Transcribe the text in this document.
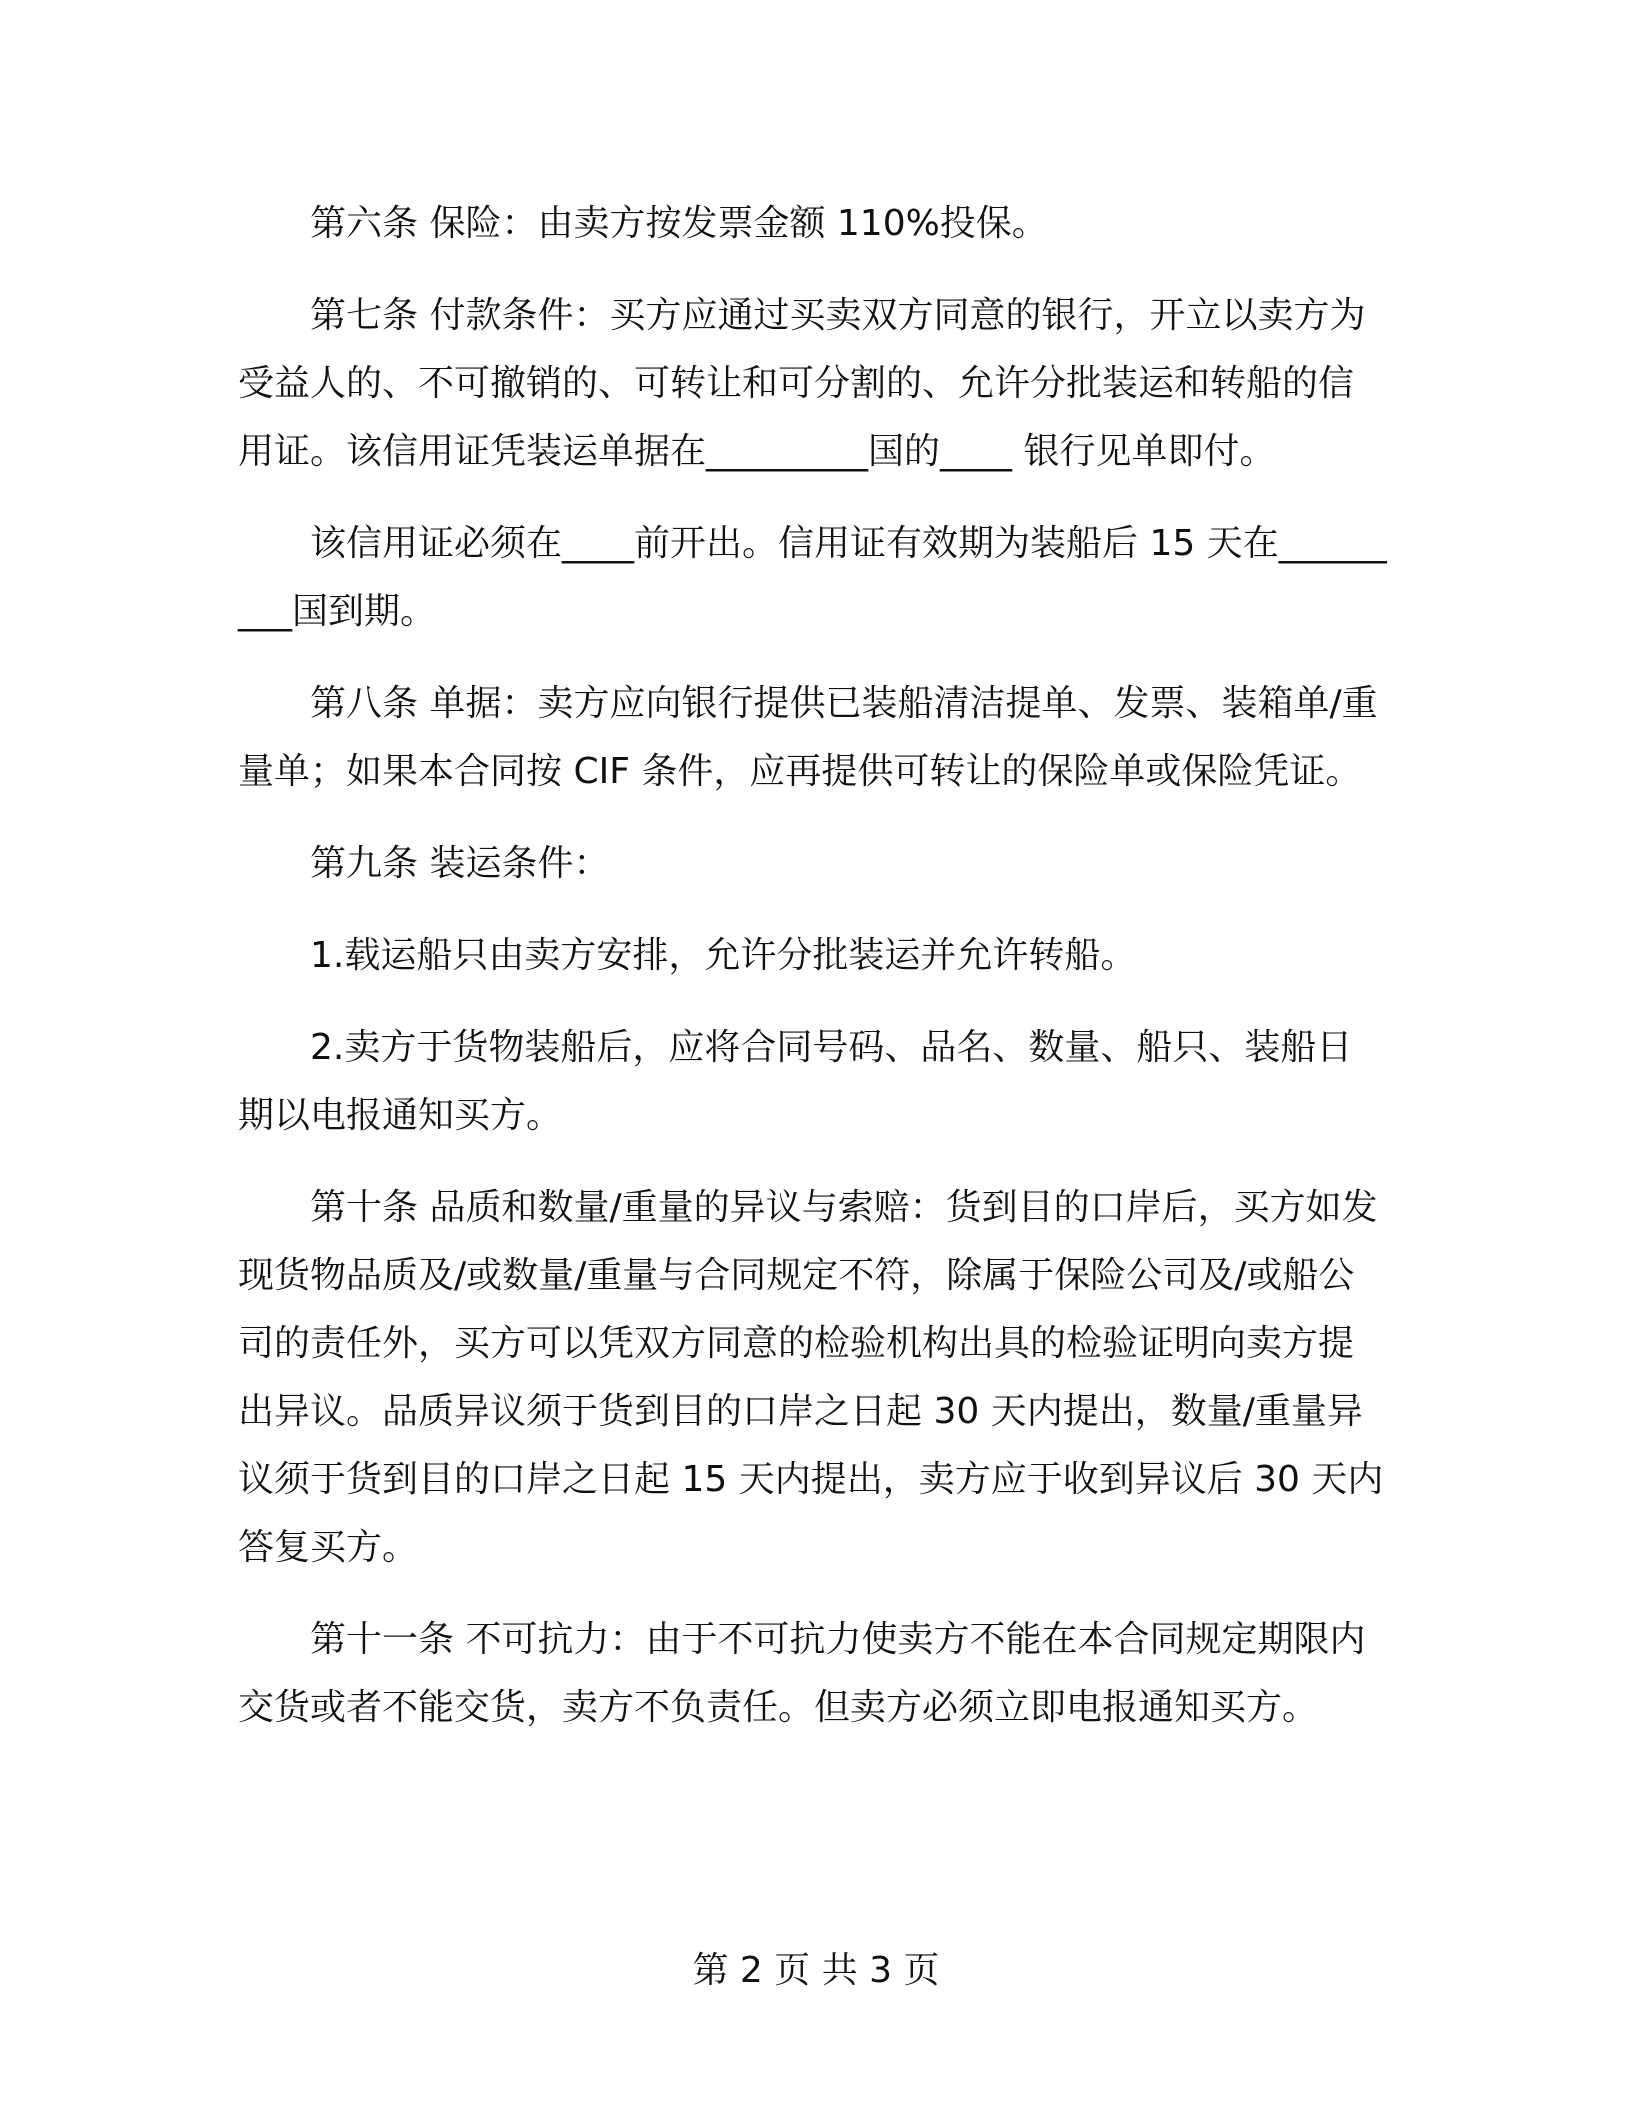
第六条 保险：由卖方按发票金额 110%投保。

第七条 付款条件：买方应通过买卖双方同意的银行，开立以卖方为受益人的、不可撤销的、可转让和可分割的、允许分批装运和转船的信用证。该信用证凭装运单据在_________国的____ 银行见单即付。

该信用证必须在____前开出。信用证有效期为装船后 15 天在_________国到期。

第八条 单据：卖方应向银行提供已装船清洁提单、发票、装箱单/重量单；如果本合同按 CIF 条件，应再提供可转让的保险单或保险凭证。

第九条 装运条件：

1.载运船只由卖方安排，允许分批装运并允许转船。

2.卖方于货物装船后，应将合同号码、品名、数量、船只、装船日期以电报通知买方。

第十条 品质和数量/重量的异议与索赔：货到目的口岸后，买方如发现货物品质及/或数量/重量与合同规定不符，除属于保险公司及/或船公司的责任外，买方可以凭双方同意的检验机构出具的检验证明向卖方提出异议。品质异议须于货到目的口岸之日起 30 天内提出，数量/重量异议须于货到目的口岸之日起 15 天内提出，卖方应于收到异议后 30 天内答复买方。

第十一条 不可抗力：由于不可抗力使卖方不能在本合同规定期限内交货或者不能交货，卖方不负责任。但卖方必须立即电报通知买方。

第 2 页 共 3 页
